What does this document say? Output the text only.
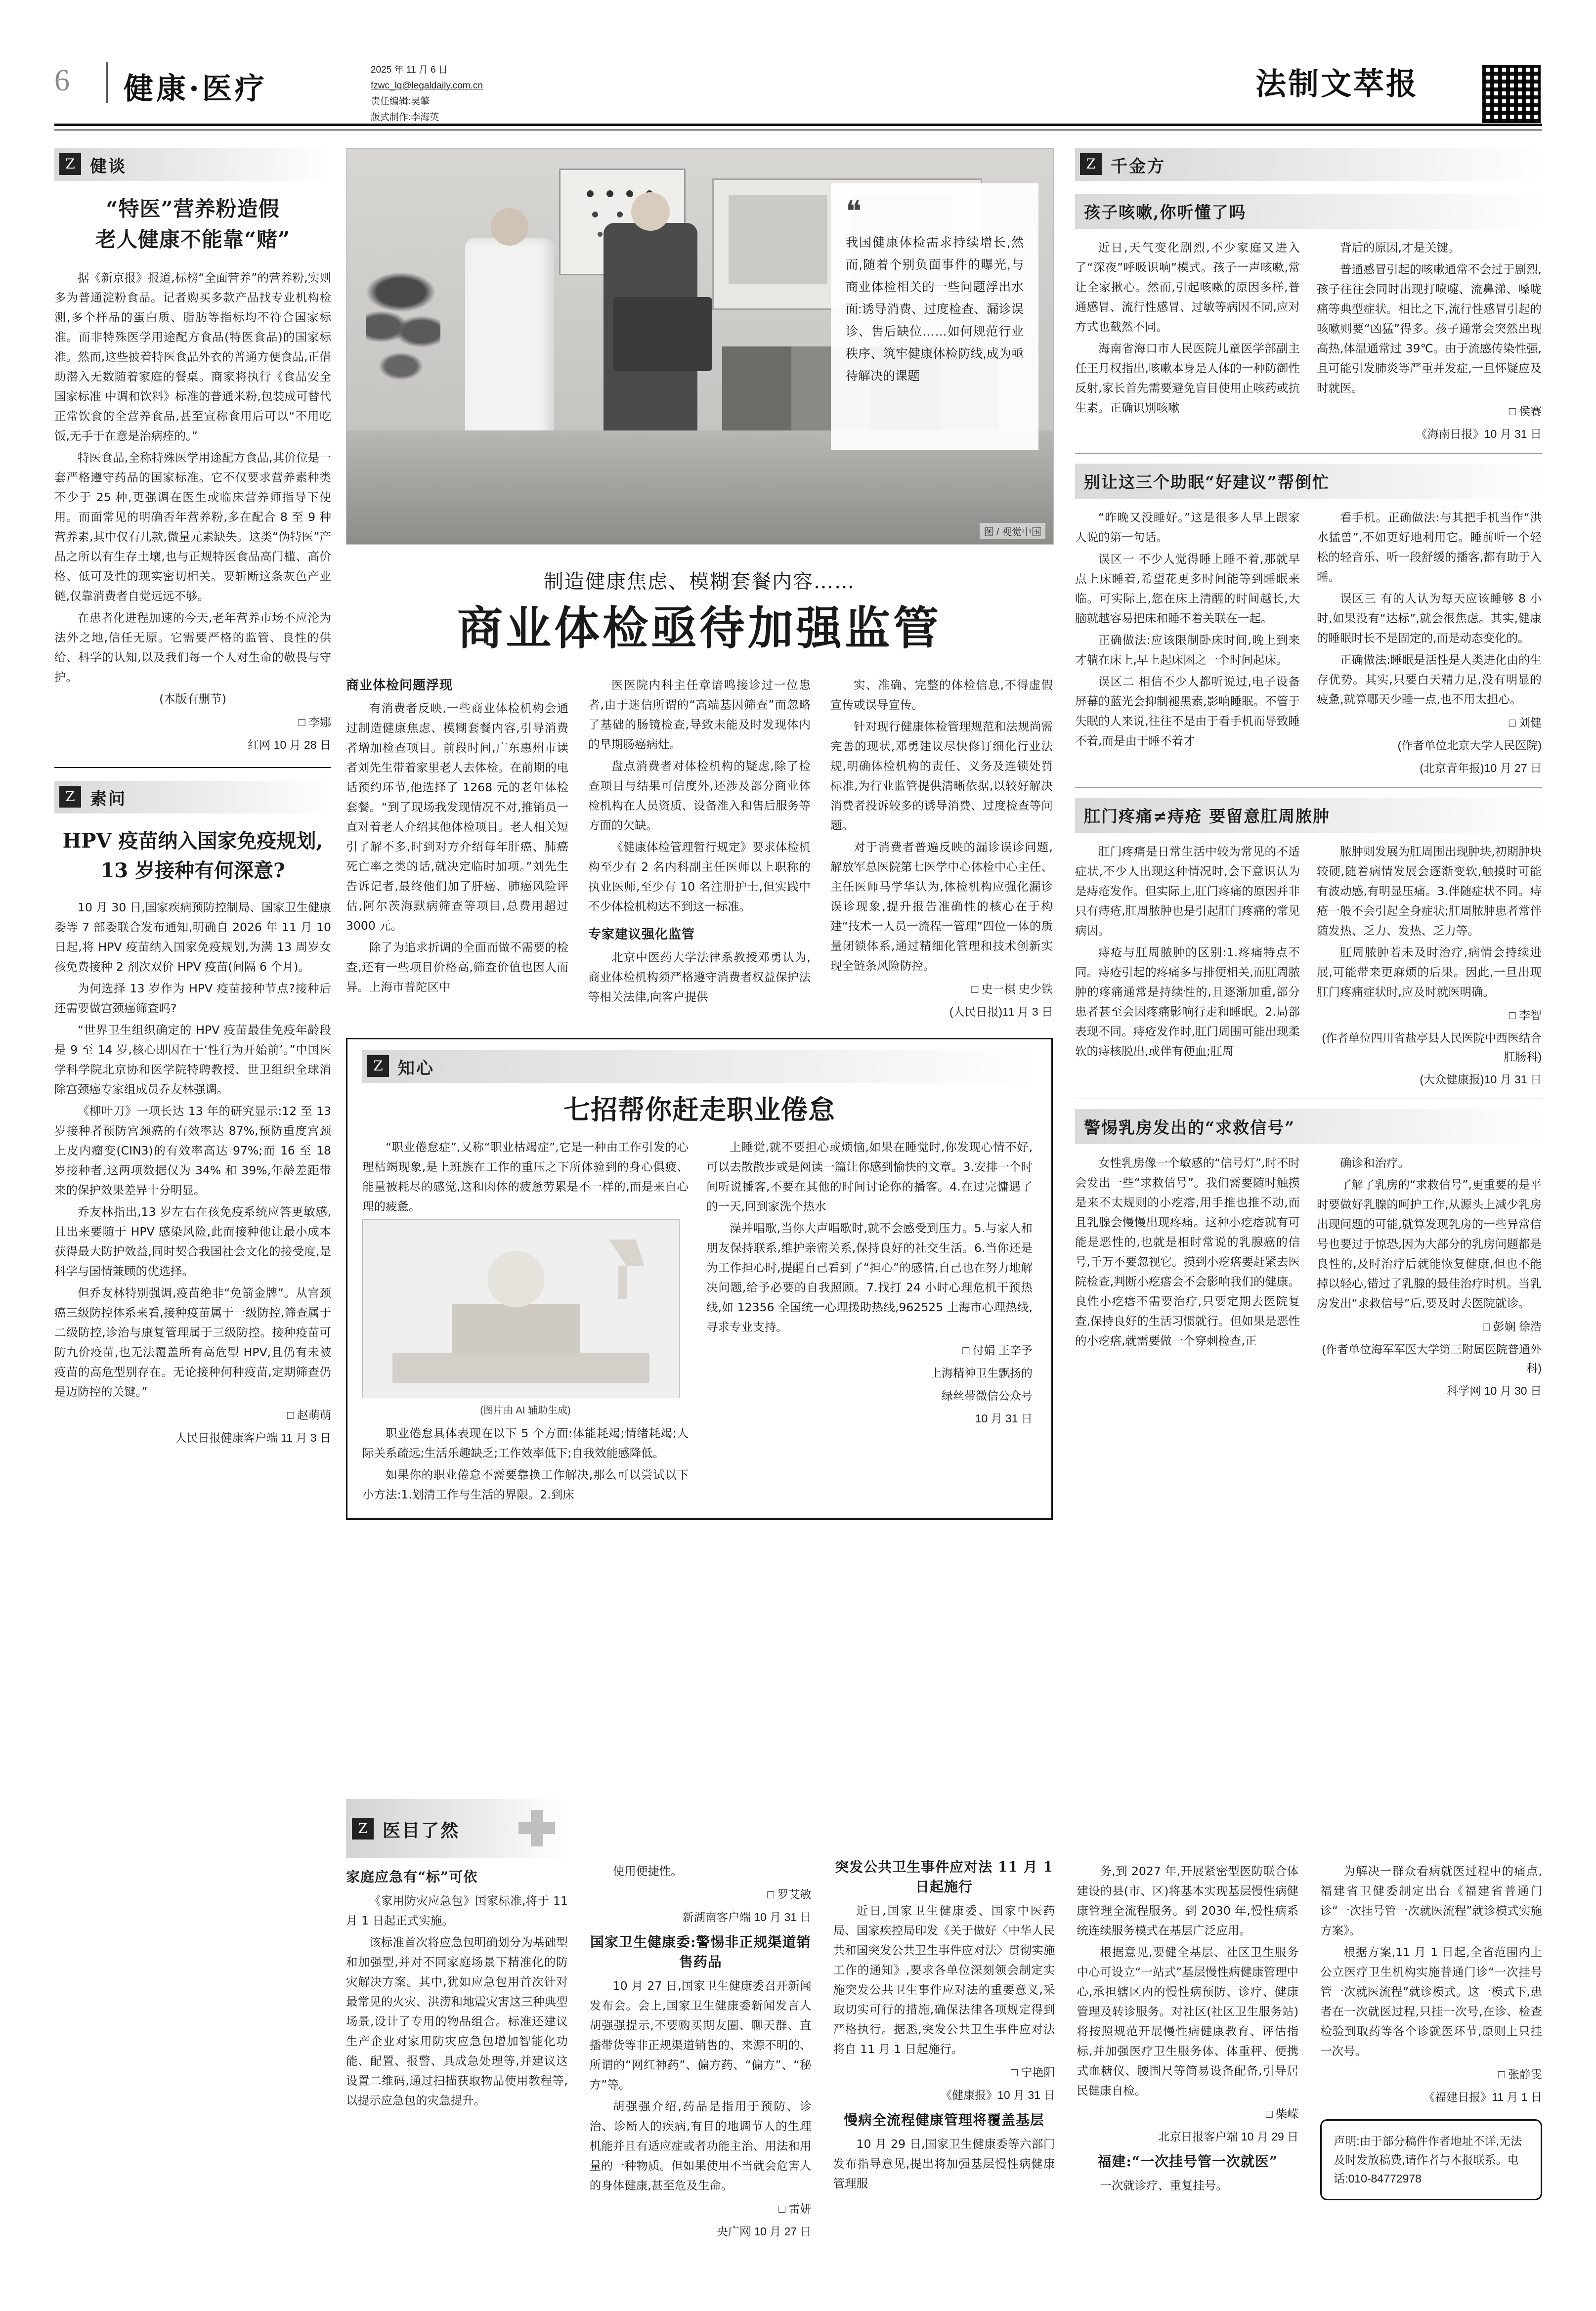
6 健康·医疗
2025 年 11 月 6 日
fzwc_lq@legaldaily.com.cn
责任编辑:吴擎
版式制作:李海英
法制文萃报
Z 健谈
“特医”营养粉造假
老人健康不能靠“赌”

据《新京报》报道,标榜“全面营养”的营养粉,实则多为普通淀粉食品。记者购买多款产品找专业机构检测,多个样品的蛋白质、脂肪等指标均不符合国家标准。而非特殊医学用途配方食品(特医食品)的国家标准。然而,这些披着特医食品外衣的普通方便食品,正借助潜入无数随着家庭的餐桌。商家将执行《食品安全国家标准 中调和饮料》标准的普通米粉,包装成可替代正常饮食的全营养食品,甚至宣称食用后可以“不用吃饭,无手于在意是治病痊的。”

特医食品,全称特殊医学用途配方食品,其价位是一套严格遵守药品的国家标准。它不仅要求营养素种类不少于 25 种,更强调在医生或临床营养师指导下使用。而面常见的明确否年营养粉,多在配合 8 至 9 种营养素,其中仅有几款,微量元素缺失。这类“伪特医”产品之所以有生存土壤,也与正规特医食品高门槛、高价格、低可及性的现实密切相关。要斩断这条灰色产业链,仅靠消费者自觉远远不够。

在患者化进程加速的今天,老年营养市场不应沦为法外之地,信任无原。它需要严格的监管、良性的供给、科学的认知,以及我们每一个人对生命的敬畏与守护。

(本版有删节)

□ 李娜

红网 10 月 28 日

Z 素问
HPV 疫苗纳入国家免疫规划,
13 岁接种有何深意?

10 月 30 日,国家疾病预防控制局、国家卫生健康委等 7 部委联合发布通知,明确自 2026 年 11 月 10 日起,将 HPV 疫苗纳入国家免疫规划,为满 13 周岁女孩免费接种 2 剂次双价 HPV 疫苗(间隔 6 个月)。

为何选择 13 岁作为 HPV 疫苗接种节点?接种后还需要做宫颈癌筛查吗?

“世界卫生组织确定的 HPV 疫苗最佳免疫年龄段是 9 至 14 岁,核心即因在于‘性行为开始前’。”中国医学科学院北京协和医学院特聘教授、世卫组织全球消除宫颈癌专家组成员乔友林强调。

《柳叶刀》一项长达 13 年的研究显示:12 至 13 岁接种者预防宫颈癌的有效率达 87%,预防重度宫颈上皮内瘤变(CIN3)的有效率高达 97%;而 16 至 18 岁接种者,这两项数据仅为 34% 和 39%,年龄差距带来的保护效果差异十分明显。

乔友林指出,13 岁左右在孩免疫系统应答更敏感,且出来要随于 HPV 感染风险,此而接种他让最小成本获得最大防护效益,同时契合我国社会文化的接受度,是科学与国情兼顾的优选择。

但乔友林特别强调,疫苗绝非“免箭金牌”。从宫颈癌三级防控体系来看,接种疫苗属于一级防控,筛查属于二级防控,诊治与康复管理属于三级防控。接种疫苗可防九价疫苗,也无法覆盖所有高危型 HPV,且仍有未被疫苗的高危型别存在。无论接种何种疫苗,定期筛查仍是迈防控的关键。”

□ 赵萌萌

人民日报健康客户端 11 月 3 日

❝

我国健康体检需求持续增长,然而,随着个别负面事件的曝光,与商业体检相关的一些问题浮出水面:诱导消费、过度检查、漏诊误诊、售后缺位……如何规范行业秩序、筑牢健康体检防线,成为亟待解决的课题

图 / 视觉中国
制造健康焦虑、模糊套餐内容……
商业体检亟待加强监管
商业体检问题浮现

有消费者反映,一些商业体检机构会通过制造健康焦虑、模糊套餐内容,引导消费者增加检查项目。前段时间,广东惠州市读者刘先生带着家里老人去体检。在前期的电话预约环节,他选择了 1268 元的老年体检套餐。“到了现场我发现情况不对,推销员一直对着老人介绍其他体检项目。老人相关短引了解不多,时到对方介绍每年肝癌、肺癌死亡率之类的话,就决定临时加项。”刘先生告诉记者,最终他们加了肝癌、肺癌风险评估,阿尔茨海默病筛查等项目,总费用超过 3000 元。

除了为追求折调的全面而做不需要的检查,还有一些项目价格高,筛查价值也因人而异。上海市普陀区中

医医院内科主任章谙鸣接诊过一位患者,由于迷信所谓的“高端基因筛查”而忽略了基础的肠镜检查,导致未能及时发现体内的早期肠癌病灶。

盘点消费者对体检机构的疑虑,除了检查项目与结果可信度外,还涉及部分商业体检机构在人员资质、设备准入和售后服务等方面的欠缺。

《健康体检管理暂行规定》要求体检机构至少有 2 名内科副主任医师以上职称的执业医师,至少有 10 名注册护士,但实践中不少体检机构达不到这一标准。

专家建议强化监管

北京中医药大学法律系教授邓勇认为,商业体检机构须严格遵守消费者权益保护法等相关法律,向客户提供

实、准确、完整的体检信息,不得虚假宣传或误导宣传。

针对现行健康体检管理规范和法规尚需完善的现状,邓勇建议尽快修订细化行业法规,明确体检机构的责任、义务及连锁处罚标准,为行业监管提供清晰依据,以较好解决消费者投诉较多的诱导消费、过度检查等问题。

对于消费者普遍反映的漏诊误诊问题,解放军总医院第七医学中心体检中心主任、主任医师马学华认为,体检机构应强化漏诊误诊现象,提升报告准确性的核心在于构建“技术一人员一流程一管理”四位一体的质量闭锁体系,通过精细化管理和技术创新实现全链条风险防控。

□ 史一棋 史少铁

(人民日报)11 月 3 日

Z 知心
七招帮你赶走职业倦怠

“职业倦怠症”,又称“职业枯竭症”,它是一种由工作引发的心理枯竭现象,是上班族在工作的重压之下所体验到的身心俱疲、能量被耗尽的感觉,这和肉体的疲惫劳累是不一样的,而是来自心理的疲惫。

(图片由 AI 辅助生成)

职业倦怠具体表现在以下 5 个方面:体能耗竭;情绪耗竭;人际关系疏远;生活乐趣缺乏;工作效率低下;自我效能感降低。

如果你的职业倦怠不需要靠换工作解决,那么可以尝试以下小方法:1.划清工作与生活的界限。2.到床

上睡觉,就不要担心或烦恼,如果在睡觉时,你发现心情不好,可以去散散步或是阅读一篇让你感到愉快的文章。3.安排一个时间听说播客,不要在其他的时间讨论你的播客。4.在过完慵遇了的一天,回到家洗个热水

澡并唱歌,当你大声唱歌时,就不会感受到压力。5.与家人和朋友保持联系,维护亲密关系,保持良好的社交生活。6.当你还是为工作担心时,提醒自己看到了“担心”的感情,自己也在努力地解决问题,给予必要的自我照顾。7.找打 24 小时心理危机干预热线,如 12356 全国统一心理援助热线,962525 上海市心理热线,寻求专业支持。

□ 付娟 王辛予

上海精神卫生飘扬的

绿丝带微信公众号

10 月 31 日

Z 千金方
孩子咳嗽,你听懂了吗

近日,天气变化剧烈,不少家庭又进入了“深夜”呼吸识响”模式。孩子一声咳嗽,常让全家揪心。然而,引起咳嗽的原因多样,普通感冒、流行性感冒、过敏等病因不同,应对方式也截然不同。

海南省海口市人民医院儿童医学部副主任王月权指出,咳嗽本身是人体的一种防御性反射,家长首先需要避免盲目使用止咳药或抗生素。正确识别咳嗽

背后的原因,才是关键。

普通感冒引起的咳嗽通常不会过于剧烈,孩子往往会同时出现打喷嚏、流鼻涕、嗓咙痛等典型症状。相比之下,流行性感冒引起的咳嗽则要“凶猛”得多。孩子通常会突然出现高热,体温通常过 39℃。由于流感传染性强,且可能引发肺炎等严重并发症,一旦怀疑应及时就医。

□ 侯赛

《海南日报》10 月 31 日

别让这三个助眠“好建议”帮倒忙

“昨晚又没睡好。”这是很多人早上跟家人说的第一句话。

误区一 不少人觉得睡上睡不着,那就早点上床睡着,希望花更多时间能等到睡眠来临。可实际上,您在床上清醒的时间越长,大脑就越容易把床和睡不着关联在一起。

正确做法:应该限制卧床时间,晚上到来才躺在床上,早上起床困之一个时间起床。

误区二 相信不少人都听说过,电子设备屏幕的蓝光会抑制褪黑素,影响睡眠。不管于失眠的人来说,往往不是由于看手机而导致睡不着,而是由于睡不着才

看手机。正确做法:与其把手机当作“洪水猛兽”,不如更好地利用它。睡前听一个轻松的轻音乐、听一段舒缓的播客,都有助于入睡。

误区三 有的人认为每天应该睡够 8 小时,如果没有“达标”,就会很焦虑。其实,健康的睡眠时长不是固定的,而是动态变化的。

正确做法:睡眠是活性是人类进化由的生存优势。其实,只要白天精力足,没有明显的疲惫,就算哪天少睡一点,也不用太担心。

□ 刘健

(作者单位北京大学人民医院)

(北京青年报)10 月 27 日

肛门疼痛≠痔疮 要留意肛周脓肿

肛门疼痛是日常生活中较为常见的不适症状,不少人出现这种情况时,会下意识认为是痔疮发作。但实际上,肛门疼痛的原因并非只有痔疮,肛周脓肿也是引起肛门疼痛的常见病因。

痔疮与肛周脓肿的区别:1.疼痛特点不同。痔疮引起的疼痛多与排便相关,而肛周脓肿的疼痛通常是持续性的,且逐渐加重,部分患者甚至会因疼痛影响行走和睡眠。2.局部表现不同。痔疮发作时,肛门周围可能出现柔软的痔核脱出,或伴有便血;肛周

脓肿则发展为肛周围出现肿块,初期肿块较硬,随着病情发展会逐渐变软,触摸时可能有波动感,有明显压痛。3.伴随症状不同。痔疮一般不会引起全身症状;肛周脓肿患者常伴随发热、乏力、发热、乏力等。

肛周脓肿若未及时治疗,病情会持续进展,可能带来更麻烦的后果。因此,一旦出现肛门疼痛症状时,应及时就医明确。

□ 李智

(作者单位四川省盐亭县人民医院中西医结合肛肠科)

(大众健康报)10 月 31 日

警惕乳房发出的“求救信号”

女性乳房像一个敏感的“信号灯”,时不时会发出一些“求救信号”。我们需要随时触摸是来不太规则的小疙瘩,用手推也推不动,而且乳腺会慢慢出现疼痛。这种小疙瘩就有可能是恶性的,也就是相时常说的乳腺癌的信号,千万不要忽视它。摸到小疙瘩要赶紧去医院检查,判断小疙瘩会不会影响我们的健康。良性小疙瘩不需要治疗,只要定期去医院复查,保持良好的生活习惯就行。但如果是恶性的小疙瘩,就需要做一个穿刺检查,正

确诊和治疗。

了解了乳房的“求救信号”,更重要的是平时要做好乳腺的呵护工作,从源头上减少乳房出现问题的可能,就算发现乳房的一些异常信号也要过于惊恐,因为大部分的乳房问题都是良性的,及时治疗后就能恢复健康,但也不能掉以轻心,错过了乳腺的最佳治疗时机。当乳房发出“求救信号”后,要及时去医院就诊。

□ 彭娴 徐浩

(作者单位海军军医大学第三附属医院普通外科)

科学网 10 月 30 日

Z 医目了然
家庭应急有“标”可依

《家用防灾应急包》国家标准,将于 11 月 1 日起正式实施。

该标准首次将应急包明确划分为基础型和加强型,并对不同家庭场景下精准化的防灾解决方案。其中,犹如应急包用首次针对最常见的火灾、洪涝和地震灾害这三种典型场景,设计了专用的物品组合。标准还建议生产企业对家用防灾应急包增加智能化功能、配置、报警、具成急处理等,并建议这设置二维码,通过扫描获取物品使用教程等,以提示应急包的灾急提升。

使用便捷性。

□ 罗艾敏

新湖南客户端 10 月 31 日

国家卫生健康委:警惕非正规渠道销售药品

10 月 27 日,国家卫生健康委召开新闻发布会。会上,国家卫生健康委新闻发言人胡强强提示,不要购买期友圈、聊天群、直播带货等非正规渠道销售的、来源不明的、所谓的“网红神药”、偏方药、“偏方”、“秘方”等。

胡强强介绍,药品是指用于预防、诊治、诊断人的疾病,有目的地调节人的生理机能并且有适应症或者功能主治、用法和用量的一种物质。但如果使用不当就会危害人的身体健康,甚至危及生命。

□ 雷妍

央广网 10 月 27 日

突发公共卫生事件应对法 11 月 1 日起施行

近日,国家卫生健康委、国家中医药局、国家疾控局印发《关于做好〈中华人民共和国突发公共卫生事件应对法〉贯彻实施工作的通知》,要求各单位深刻领会制定实施突发公共卫生事件应对法的重要意义,采取切实可行的措施,确保法律各项规定得到严格执行。据悉,突发公共卫生事件应对法将自 11 月 1 日起施行。

□ 宁艳阳

《健康报》10 月 31 日

慢病全流程健康管理将覆盖基层

10 月 29 日,国家卫生健康委等六部门发布指导意见,提出将加强基层慢性病健康管理服

务,到 2027 年,开展紧密型医防联合体建设的县(市、区)将基本实现基层慢性病健康管理全流程服务。到 2030 年,慢性病系统连续服务模式在基层广泛应用。

根据意见,要健全基层、社区卫生服务中心可设立“一站式”基层慢性病健康管理中心,承担辖区内的慢性病预防、诊疗、健康管理及转诊服务。对社区(社区卫生服务站)将按照规范开展慢性病健康教育、评估指标,并加强医疗卫生服务体、体重秤、便携式血糖仪、腰围尺等简易设备配备,引导居民健康自检。

□ 柴嵘

北京日报客户端 10 月 29 日

福建:“一次挂号管一次就医”

一次就诊疗、重复挂号。

为解决一群众看病就医过程中的痛点,福建省卫健委制定出台《福建省普通门诊“一次挂号管一次就医流程”就诊模式实施方案》。

根据方案,11 月 1 日起,全省范围内上公立医疗卫生机构实施普通门诊“一次挂号管一次就医流程”就诊模式。这一模式下,患者在一次就医过程,只挂一次号,在诊、检查检验到取药等各个诊就医环节,原则上只挂一次号。

□ 张静雯

《福建日报》11 月 1 日

声明:由于部分稿件作者地址不详,无法及时发放稿费,请作者与本报联系。电话:010-84772978
